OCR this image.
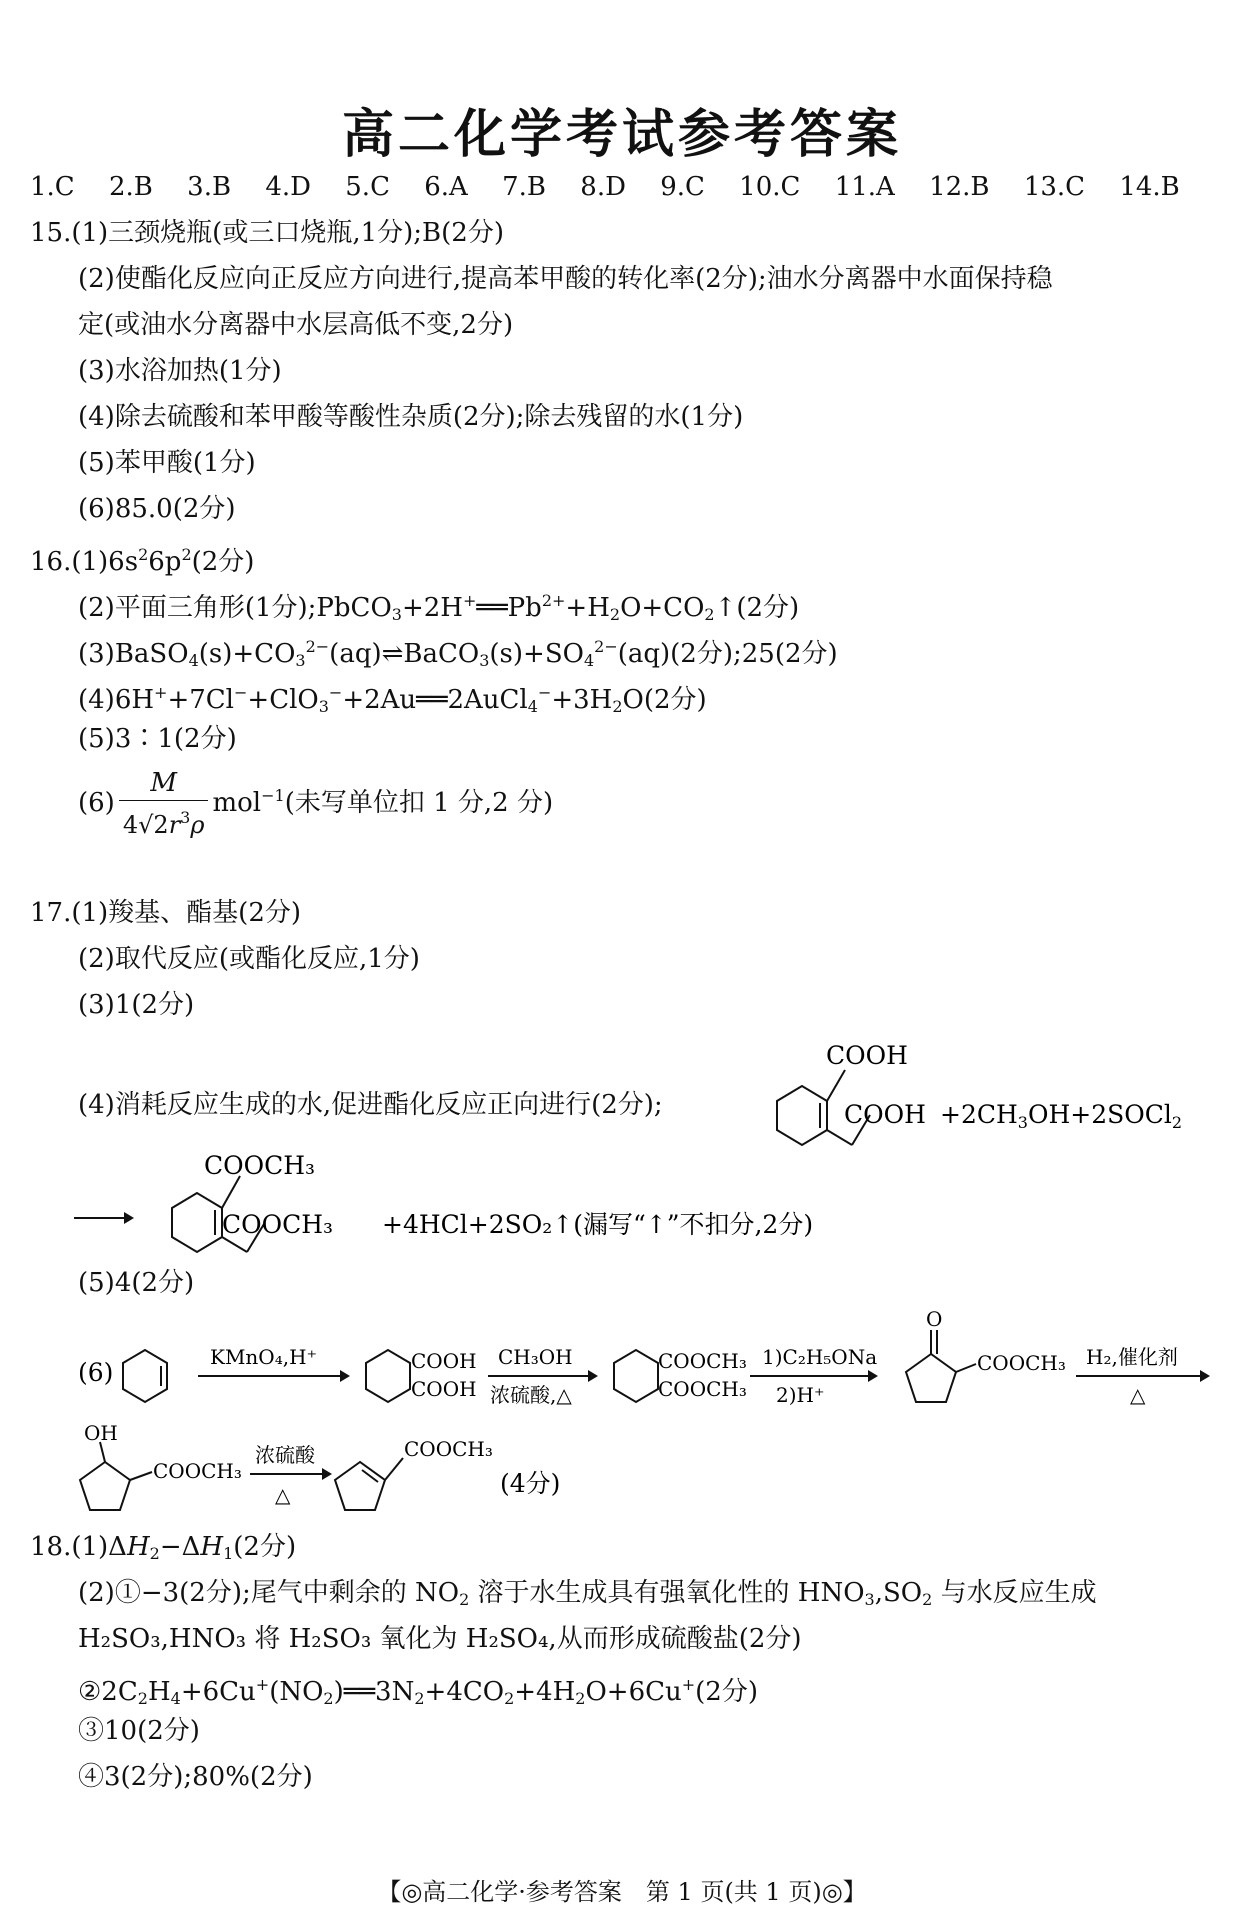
高二化学考试参考答案
1.C 2.B 3.B 4.D 5.C 6.A 7.B 8.D 9.C 10.C 11.A 12.B 13.C 14.B
15.(1)三颈烧瓶(或三口烧瓶,1分);B(2分)
(2)使酯化反应向正反应方向进行,提高苯甲酸的转化率(2分);油水分离器中水面保持稳
定(或油水分离器中水层高低不变,2分)
(3)水浴加热(1分)
(4)除去硫酸和苯甲酸等酸性杂质(2分);除去残留的水(1分)
(5)苯甲酸(1分)
(6)85.0(2分)
$16.(1)6s^26p^2(2$分)
(2)平面三角形(1分)$;PbCO_3+2H^+══Pb^{2+}+H_2O+CO_2↑(2$分)
$(3)BaSO_4(s)+CO_3^{2-}(aq)\rightleftharpoons BaCO_3(s)+SO_4^{2-}(aq)(2$分);25(2分)
$(4)6H^++7Cl^-+ClO_3^-+2Au══2AuCl_4^-+3H_2O(2$分)
(5)3∶1(2分)
$(6) \frac{M}{4√2r^3\rho} mol^{-1}$(未写单位扣 1 分,2 分)
17.(1)羧基、酯基(2分)
(2)取代反应(或酯化反应,1分)
(3)1(2分)
(4)消耗反应生成的水,促进酯化反应正向进行(2分);
COOH
COOH $+2CH_3OH+2SOCl_2$
COOCH₃
COOCH₃ +4HCl+2SO₂↑(漏写“↑”不扣分,2分)
(5)4(2分)
(6)
KMnO₄,H⁺	COOH
COOH
CH₃OH
浓硫酸,△
COOCH₃
COOCH₃
1)C₂H₅ONa
2)H⁺
O
COOCH₃ H₂,催化剂
△
OH
COOCH₃
浓硫酸
△
COOCH₃
(4分)
$18.(1)\Delta H_2-\Delta H_1(2$分)
(2)①−3(2分);尾气中剩余的 $NO_2$ 溶于水生成具有强氧化性的 $HNO_3,SO_2$ 与水反应生成
H₂SO₃,HNO₃ 将 H₂SO₃ 氧化为 H₂SO₄,从而形成硫酸盐(2分)
$②2C_2H_4+6Cu^+(NO_2)══3N_2+4CO_2+4H_2O+6Cu^+(2$分)
③10(2分)
④3(2分);80%(2分)
【◎高二化学·参考答案　第 1 页(共 1 页)◎】
